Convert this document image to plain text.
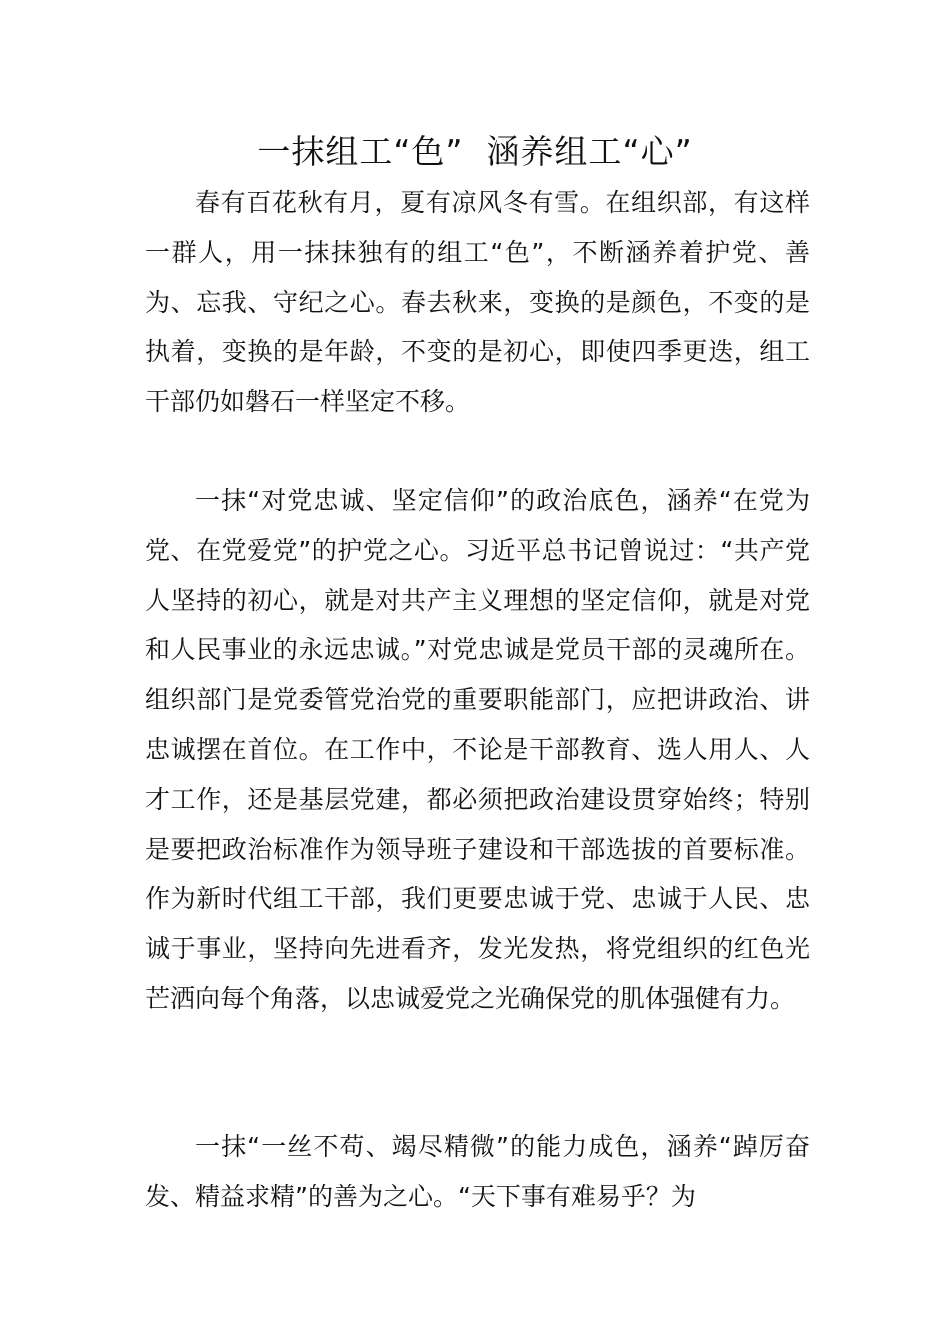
一抹组工“色”  涵养组工“心”

春有百花秋有月，夏有凉风冬有雪。在组织部，有这样一群人，用一抹抹独有的组工“色”，不断涵养着护党、善为、忘我、守纪之心。春去秋来，变换的是颜色，不变的是执着，变换的是年龄，不变的是初心，即使四季更迭，组工干部仍如磐石一样坚定不移。

一抹“对党忠诚、坚定信仰”的政治底色，涵养“在党为党、在党爱党”的护党之心。习近平总书记曾说过：“共产党人坚持的初心，就是对共产主义理想的坚定信仰，就是对党和人民事业的永远忠诚。”对党忠诚是党员干部的灵魂所在。组织部门是党委管党治党的重要职能部门，应把讲政治、讲忠诚摆在首位。在工作中，不论是干部教育、选人用人、人才工作，还是基层党建，都必须把政治建设贯穿始终；特别是要把政治标准作为领导班子建设和干部选拔的首要标准。作为新时代组工干部，我们更要忠诚于党、忠诚于人民、忠诚于事业，坚持向先进看齐，发光发热，将党组织的红色光芒洒向每个角落，以忠诚爱党之光确保党的肌体强健有力。

一抹“一丝不苟、竭尽精微”的能力成色，涵养“踔厉奋发、精益求精”的善为之心。“天下事有难易乎？为
